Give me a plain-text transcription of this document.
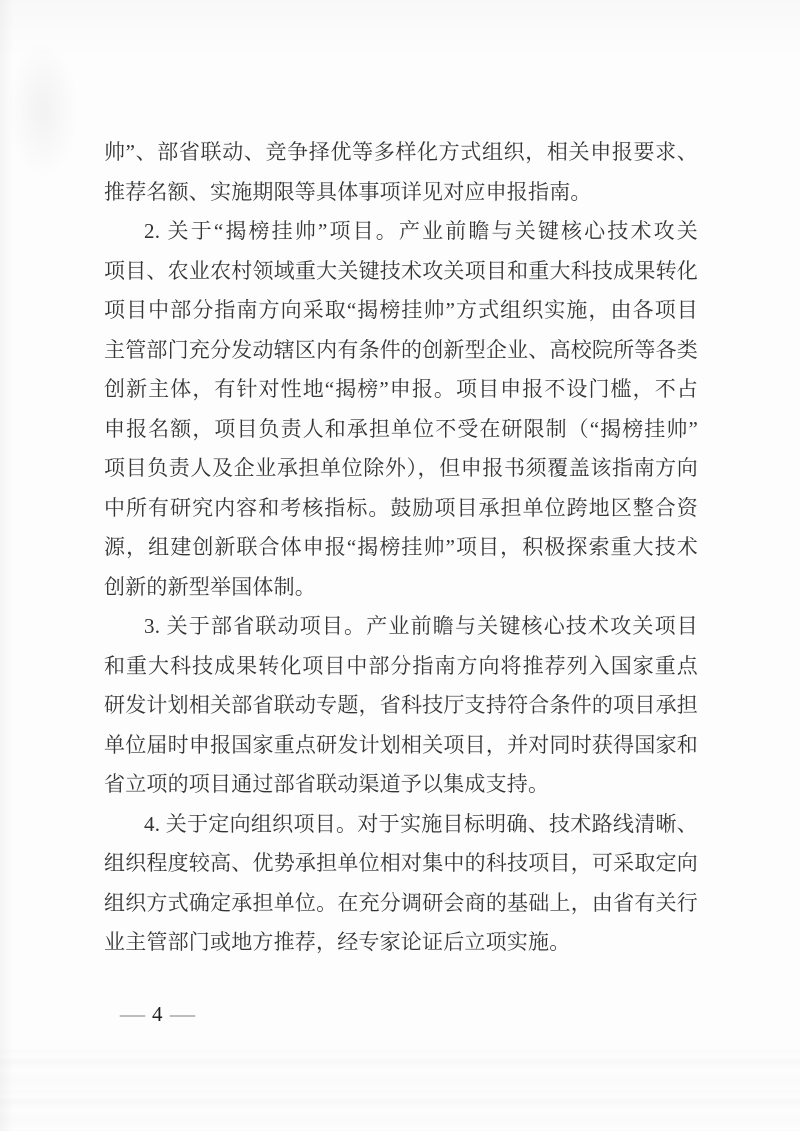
帅”、部省联动、竞争择优等多样化方式组织，相关申报要求、
推荐名额、实施期限等具体事项详见对应申报指南。
2. 关于“揭榜挂帅”项目。产业前瞻与关键核心技术攻关
项目、农业农村领域重大关键技术攻关项目和重大科技成果转化
项目中部分指南方向采取“揭榜挂帅”方式组织实施，由各项目
主管部门充分发动辖区内有条件的创新型企业、高校院所等各类
创新主体，有针对性地“揭榜”申报。项目申报不设门槛，不占
申报名额，项目负责人和承担单位不受在研限制（“揭榜挂帅”
项目负责人及企业承担单位除外），但申报书须覆盖该指南方向
中所有研究内容和考核指标。鼓励项目承担单位跨地区整合资
源，组建创新联合体申报“揭榜挂帅”项目，积极探索重大技术
创新的新型举国体制。
3. 关于部省联动项目。产业前瞻与关键核心技术攻关项目
和重大科技成果转化项目中部分指南方向将推荐列入国家重点
研发计划相关部省联动专题，省科技厅支持符合条件的项目承担
单位届时申报国家重点研发计划相关项目，并对同时获得国家和
省立项的项目通过部省联动渠道予以集成支持。
4. 关于定向组织项目。对于实施目标明确、技术路线清晰、
组织程度较高、优势承担单位相对集中的科技项目，可采取定向
组织方式确定承担单位。在充分调研会商的基础上，由省有关行
业主管部门或地方推荐，经专家论证后立项实施。
— 4 —
